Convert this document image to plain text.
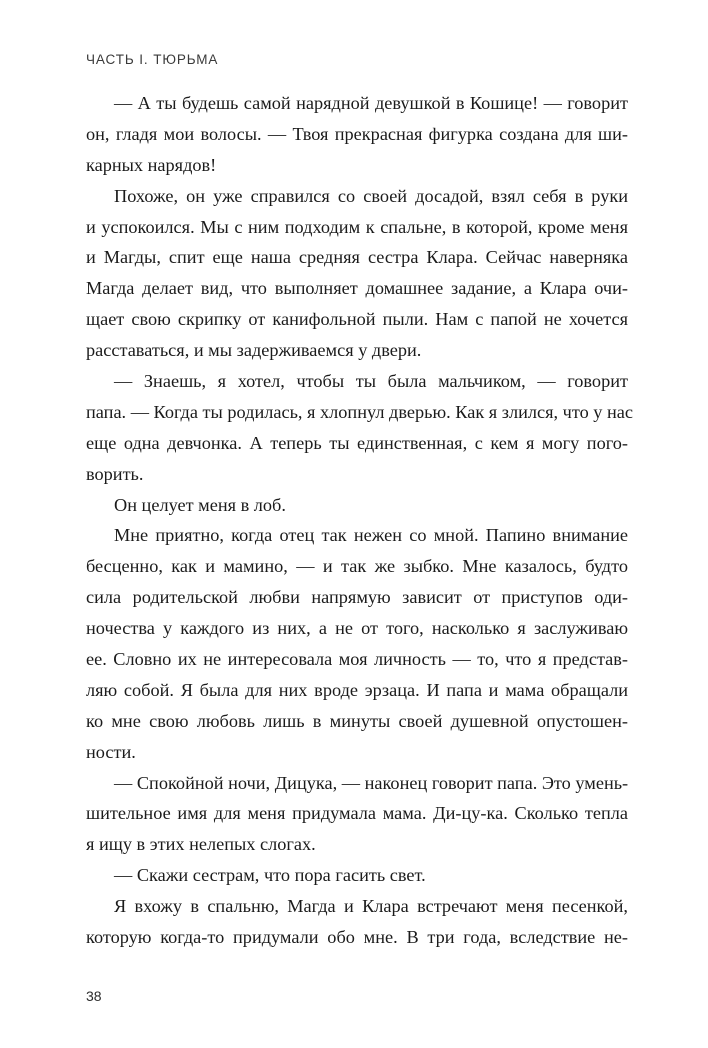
ЧАСТЬ I. ТЮРЬМА
— А ты будешь самой нарядной девушкой в Кошице! — говорит
он, гладя мои волосы. — Твоя прекрасная фигурка создана для ши-
карных нарядов!
Похоже, он уже справился со своей досадой, взял себя в руки
и успокоился. Мы с ним подходим к спальне, в которой, кроме меня
и Магды, спит еще наша средняя сестра Клара. Сейчас наверняка
Магда делает вид, что выполняет домашнее задание, а Клара очи-
щает свою скрипку от канифольной пыли. Нам с папой не хочется
расставаться, и мы задерживаемся у двери.
— Знаешь, я хотел, чтобы ты была мальчиком, — говорит
папа. — Когда ты родилась, я хлопнул дверью. Как я злился, что у нас
еще одна девчонка. А теперь ты единственная, с кем я могу пого-
ворить.
Он целует меня в лоб.
Мне приятно, когда отец так нежен со мной. Папино внимание
бесценно, как и мамино, — и так же зыбко. Мне казалось, будто
сила родительской любви напрямую зависит от приступов оди-
ночества у каждого из них, а не от того, насколько я заслуживаю
ее. Словно их не интересовала моя личность — то, что я представ-
ляю собой. Я была для них вроде эрзаца. И папа и мама обращали
ко мне свою любовь лишь в минуты своей душевной опустошен-
ности.
— Спокойной ночи, Дицука, — наконец говорит папа. Это умень-
шительное имя для меня придумала мама. Ди-цу-ка. Сколько тепла
я ищу в этих нелепых слогах.
— Скажи сестрам, что пора гасить свет.
Я вхожу в спальню, Магда и Клара встречают меня песенкой,
которую когда-то придумали обо мне. В три года, вследствие не-
38
